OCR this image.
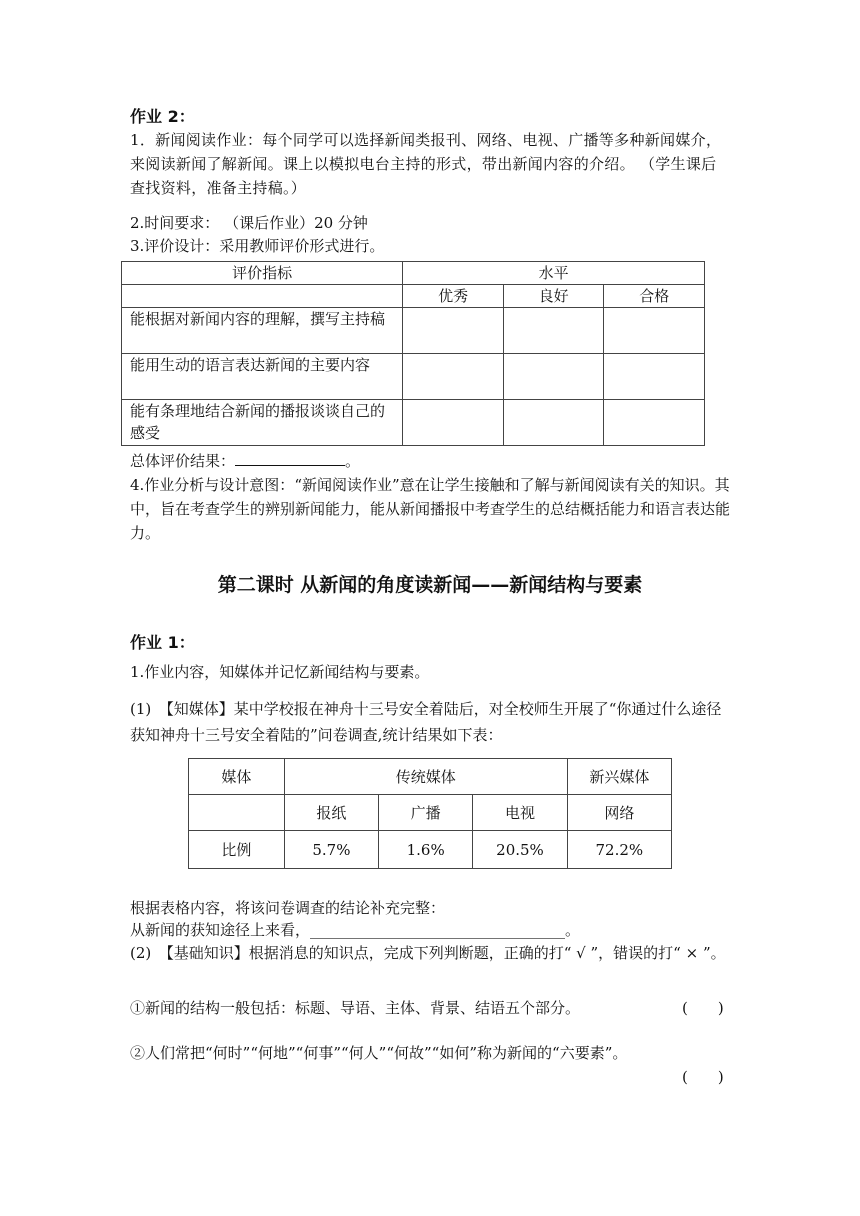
作业 2：
1．新闻阅读作业：每个同学可以选择新闻类报刊、网络、电视、广播等多种新闻媒介，来阅读新闻了解新闻。课上以模拟电台主持的形式，带出新闻内容的介绍。 （学生课后查找资料，准备主持稿。）
2.时间要求： （课后作业）20 分钟
3.评价设计：采用教师评价形式进行。
评价指标	水平		
	优秀	良好	合格
能根据对新闻内容的理解，撰写主持稿			
能用生动的语言表达新闻的主要内容			
能有条理地结合新闻的播报谈谈自己的感受			
总体评价结果：	。
4.作业分析与设计意图：“新闻阅读作业”意在让学生接触和了解与新闻阅读有关的知识。其中，旨在考查学生的辨别新闻能力，能从新闻播报中考查学生的总结概括能力和语言表达能力。
第二课时 从新闻的角度读新闻——新闻结构与要素
作业 1：
1.作业内容，知媒体并记忆新闻结构与要素。
(1)　【知媒体】某中学校报在神舟十三号安全着陆后，对全校师生开展了“你通过什么途径获知神舟十三号安全着陆的”问卷调查,统计结果如下表：
媒体	传统媒体			新兴媒体
	报纸	广播	电视	网络
比例	5.7%	1.6%	20.5%	72.2%
根据表格内容，将该问卷调查的结论补充完整：
从新闻的获知途径上来看，__________________________________。
(2)　【基础知识】根据消息的知识点，完成下列判断题，正确的打“ √ ”，错误的打“ × ”。
①新闻的结构一般包括：标题、导语、主体、背景、结语五个部分。	(　　)
②人们常把“何时”“何地”“何事”“何人”“何故”“如何”称为新闻的“六要素”。
(　　)
